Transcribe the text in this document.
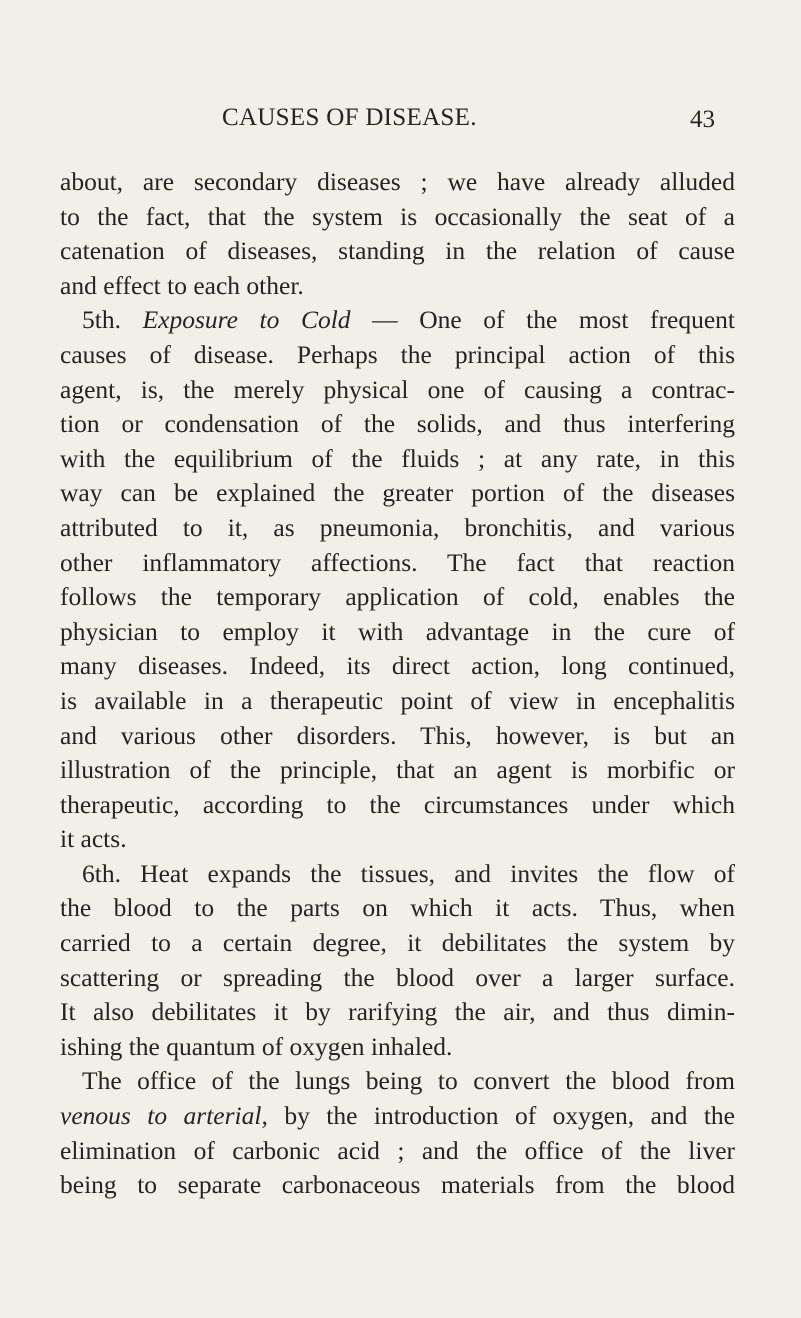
CAUSES OF DISEASE.	43
about, are secondary diseases ; we have already alluded
to the fact, that the system is occasionally the seat of a
catenation of diseases, standing in the relation of cause
and effect to each other.
5th. Exposure to Cold — One of the most frequent
causes of disease. Perhaps the principal action of this
agent, is, the merely physical one of causing a contrac-
tion or condensation of the solids, and thus interfering
with the equilibrium of the fluids ; at any rate, in this
way can be explained the greater portion of the diseases
attributed to it, as pneumonia, bronchitis, and various
other inflammatory affections. The fact that reaction
follows the temporary application of cold, enables the
physician to employ it with advantage in the cure of
many diseases. Indeed, its direct action, long continued,
is available in a therapeutic point of view in encephalitis
and various other disorders. This, however, is but an
illustration of the principle, that an agent is morbific or
therapeutic, according to the circumstances under which
it acts.
6th. Heat expands the tissues, and invites the flow of
the blood to the parts on which it acts. Thus, when
carried to a certain degree, it debilitates the system by
scattering or spreading the blood over a larger surface.
It also debilitates it by rarifying the air, and thus dimin-
ishing the quantum of oxygen inhaled.
The office of the lungs being to convert the blood from
venous to arterial, by the introduction of oxygen, and the
elimination of carbonic acid ; and the office of the liver
being to separate carbonaceous materials from the blood
